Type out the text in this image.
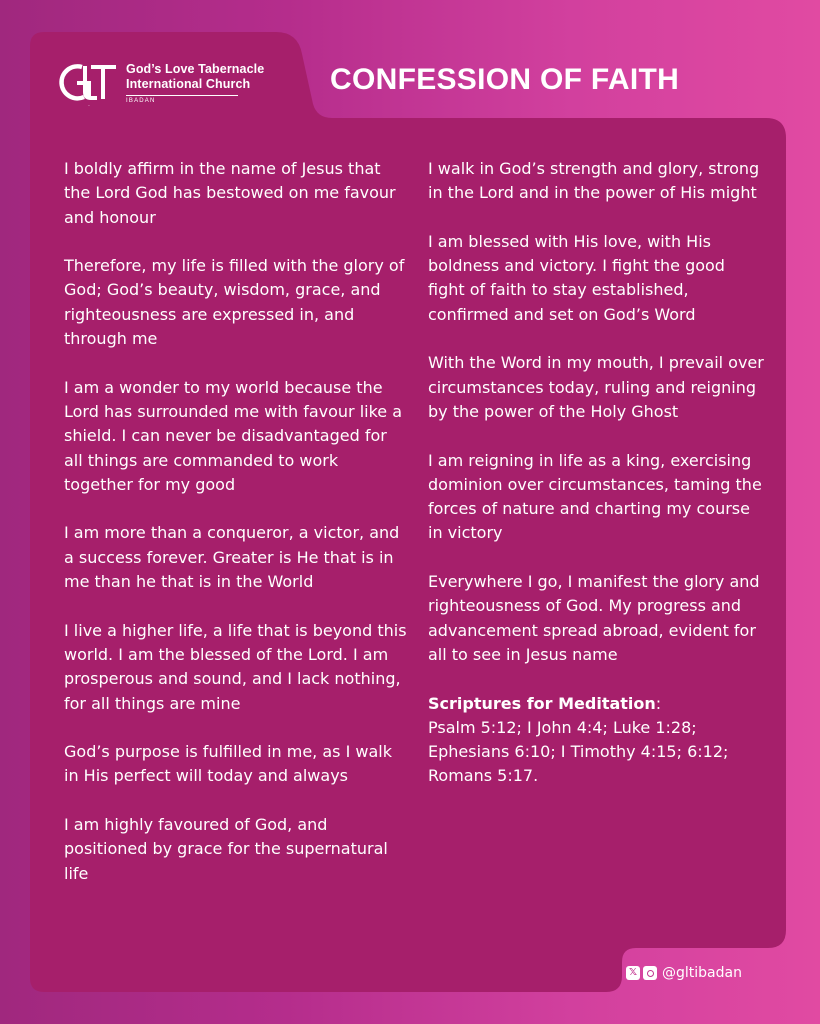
GLT
God’s Love Tabernacle
International Church
IBADAN
CONFESSION OF FAITH

I boldly affirm in the name of Jesus that the Lord God has bestowed on me favour and honour

Therefore, my life is filled with the glory of God; God’s beauty, wisdom, grace, and righteousness are expressed in, and through me

I am a wonder to my world because the Lord has surrounded me with favour like a shield. I can never be disadvantaged for all things are commanded to work together for my good

I am more than a conqueror, a victor, and a success forever. Greater is He that is in me than he that is in the World

I live a higher life, a life that is beyond this world. I am the blessed of the Lord. I am prosperous and sound, and I lack nothing, for all things are mine

God’s purpose is fulfilled in me, as I walk in His perfect will today and always

I am highly favoured of God, and positioned by grace for the supernatural life

I walk in God’s strength and glory, strong in the Lord and in the power of His might

I am blessed with His love, with His boldness and victory. I fight the good fight of faith to stay established, confirmed and set on God’s Word

With the Word in my mouth, I prevail over circumstances today, ruling and reigning by the power of the Holy Ghost

I am reigning in life as a king, exercising dominion over circumstances, taming the forces of nature and charting my course in victory

Everywhere I go, I manifest the glory and righteousness of God. My progress and advancement spread abroad, evident for all to see in Jesus name

Scriptures for Meditation:
Psalm 5:12; I John 4:4; Luke 1:28; Ephesians 6:10; I Timothy 4:15; 6:12; Romans 5:17.
𝕏 @gltibadan
